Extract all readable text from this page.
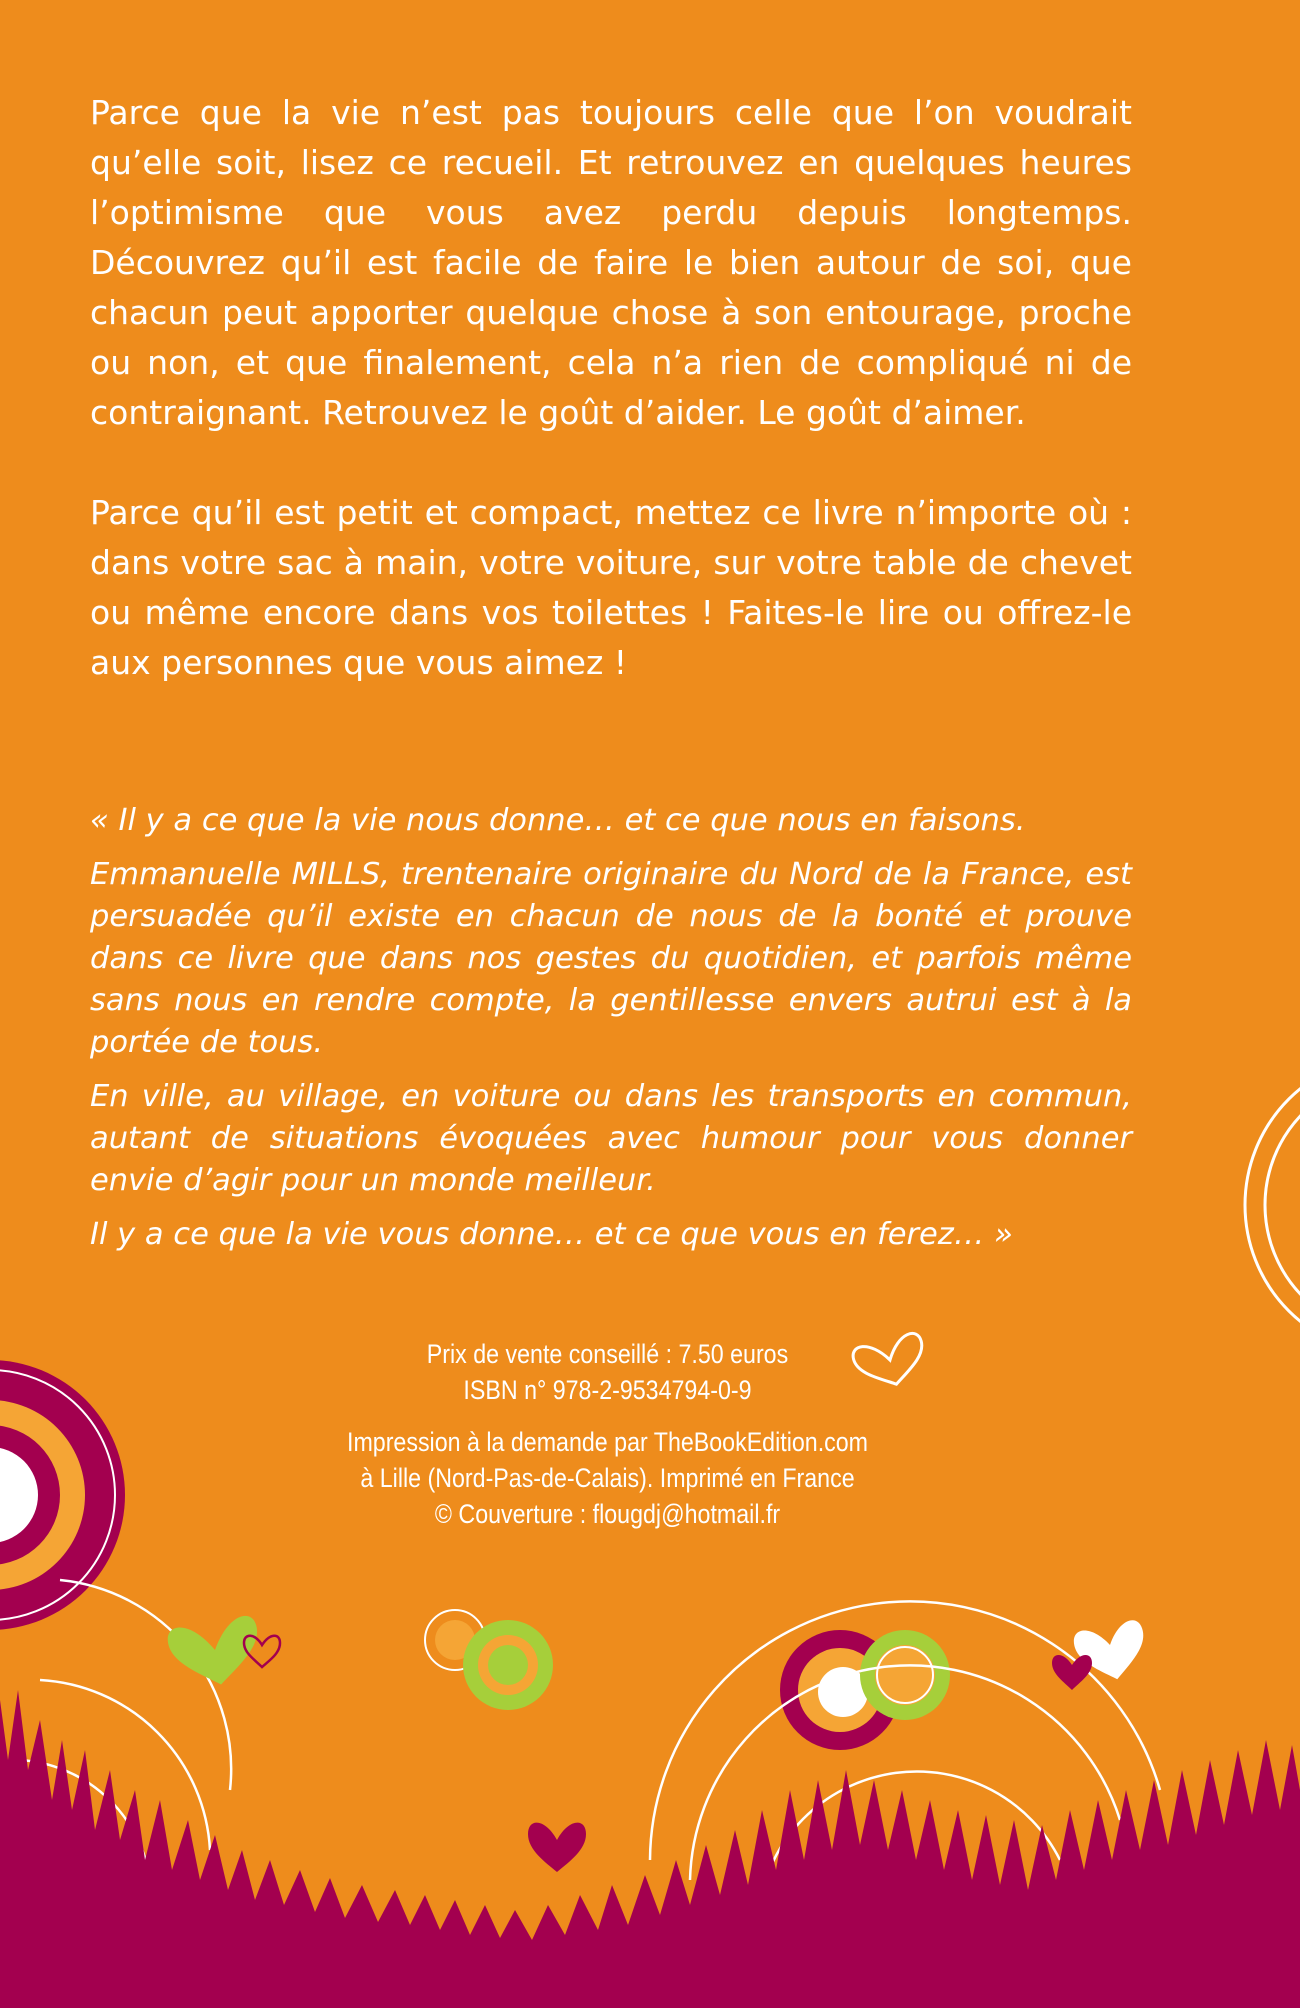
Parce que la vie n’est pas toujours celle que l’on voudrait qu’elle soit, lisez ce recueil. Et retrouvez en quelques heures l’optimisme que vous avez perdu depuis longtemps. Découvrez qu’il est facile de faire le bien autour de soi, que chacun peut apporter quelque chose à son entourage, proche ou non, et que finalement, cela n’a rien de compliqué ni de contraignant. Retrouvez le goût d’aider. Le goût d’aimer.

Parce qu’il est petit et compact, mettez ce livre n’importe où : dans votre sac à main, votre voiture, sur votre table de chevet ou même encore dans vos toilettes ! Faites-le lire ou offrez-le aux personnes que vous aimez !

« Il y a ce que la vie nous donne… et ce que nous en faisons.

Emmanuelle MILLS, trentenaire originaire du Nord de la France, est persuadée qu’il existe en chacun de nous de la bonté et prouve dans ce livre que dans nos gestes du quotidien, et parfois même sans nous en rendre compte, la gentillesse envers autrui est à la portée de tous.

En ville, au village, en voiture ou dans les transports en commun, autant de situations évoquées avec humour pour vous donner envie d’agir pour un monde meilleur.

Il y a ce que la vie vous donne… et ce que vous en ferez… »

Prix de vente conseillé : 7.50 euros
ISBN n° 978-2-9534794-0-9
Impression à la demande par TheBookEdition.com
à Lille (Nord-Pas-de-Calais). Imprimé en France
© Couverture : flougdj@hotmail.fr
